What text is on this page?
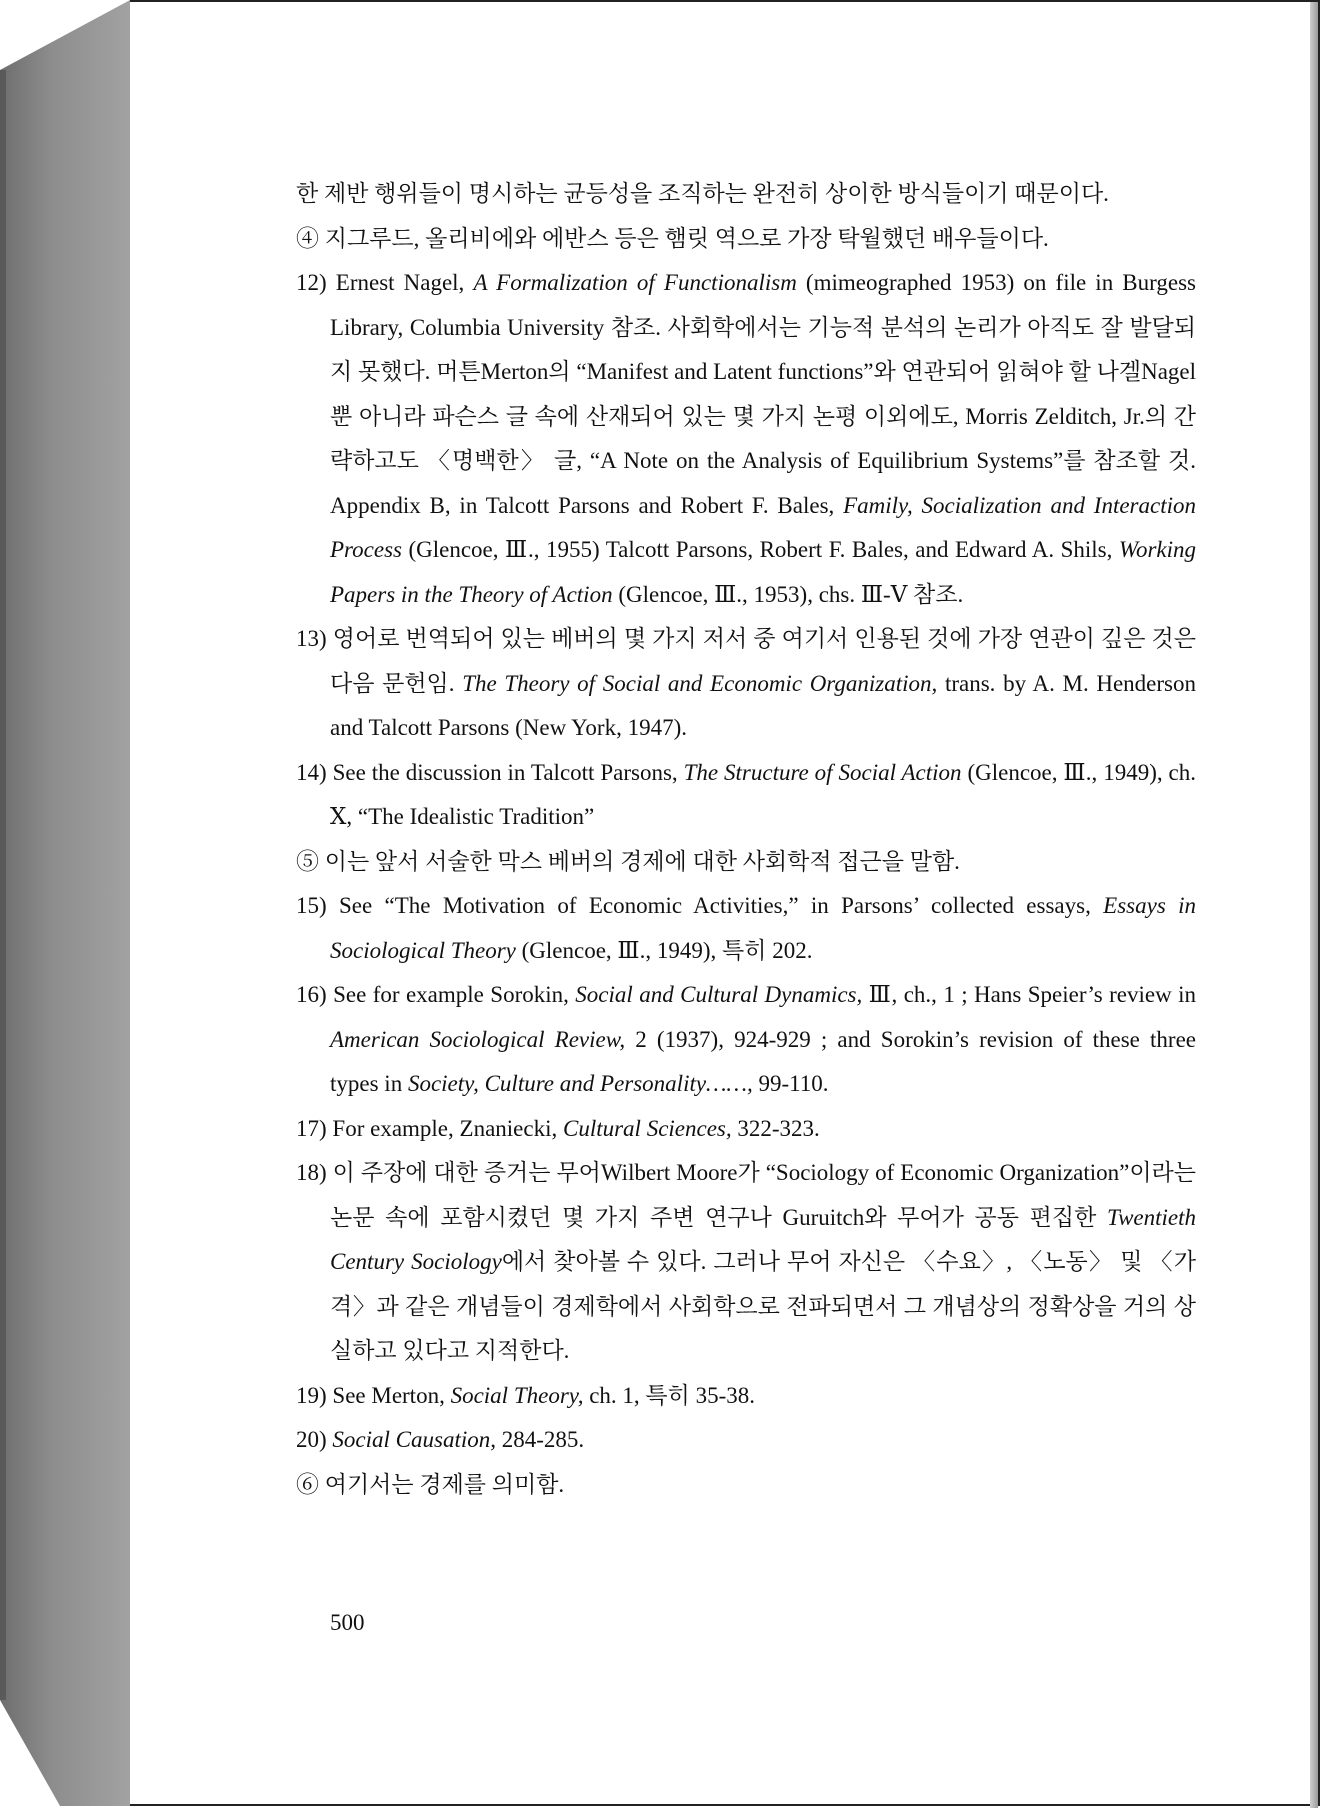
한 제반 행위들이 명시하는 균등성을 조직하는 완전히 상이한 방식들이기 때문이다.

④ 지그루드, 올리비에와 에반스 등은 햄릿 역으로 가장 탁월했던 배우들이다.

12) Ernest Nagel, A Formalization of Functionalism (mimeographed 1953) on file in Burgess Library, Columbia University 참조. 사회학에서는 기능적 분석의 논리가 아직도 잘 발달되지 못했다. 머튼Merton의 “Manifest and Latent functions”와 연관되어 읽혀야 할 나겔Nagel뿐 아니라 파슨스 글 속에 산재되어 있는 몇 가지 논평 이외에도, Morris Zelditch, Jr.의 간략하고도 〈명백한〉 글, “A Note on the Analysis of Equilibrium Systems”를 참조할 것. Appendix B, in Talcott Parsons and Robert F. Bales, Family, Socialization and Interaction Process (Glencoe, Ⅲ., 1955) Talcott Parsons, Robert F. Bales, and Edward A. Shils, Working Papers in the Theory of Action (Glencoe, Ⅲ., 1953), chs. Ⅲ-Ⅴ 참조.

13) 영어로 번역되어 있는 베버의 몇 가지 저서 중 여기서 인용된 것에 가장 연관이 깊은 것은 다음 문헌임. The Theory of Social and Economic Organization, trans. by A. M. Henderson and Talcott Parsons (New York, 1947).

14) See the discussion in Talcott Parsons, The Structure of Social Action (Glencoe, Ⅲ., 1949), ch. Ⅹ, “The Idealistic Tradition”

⑤ 이는 앞서 서술한 막스 베버의 경제에 대한 사회학적 접근을 말함.

15) See “The Motivation of Economic Activities,” in Parsons’ collected essays, Essays in Sociological Theory (Glencoe, Ⅲ., 1949), 특히 202.

16) See for example Sorokin, Social and Cultural Dynamics, Ⅲ, ch., 1 ; Hans Speier’s review in American Sociological Review, 2 (1937), 924-929 ; and Sorokin’s revision of these three types in Society, Culture and Personality……, 99-110.

17) For example, Znaniecki, Cultural Sciences, 322-323.

18) 이 주장에 대한 증거는 무어Wilbert Moore가 “Sociology of Economic Organization”이라는 논문 속에 포함시켰던 몇 가지 주변 연구나 Guruitch와 무어가 공동 편집한 Twentieth Century Sociology에서 찾아볼 수 있다. 그러나 무어 자신은 〈수요〉, 〈노동〉 및 〈가격〉과 같은 개념들이 경제학에서 사회학으로 전파되면서 그 개념상의 정확상을 거의 상실하고 있다고 지적한다.

19) See Merton, Social Theory, ch. 1, 특히 35-38.

20) Social Causation, 284-285.

⑥ 여기서는 경제를 의미함.

500
